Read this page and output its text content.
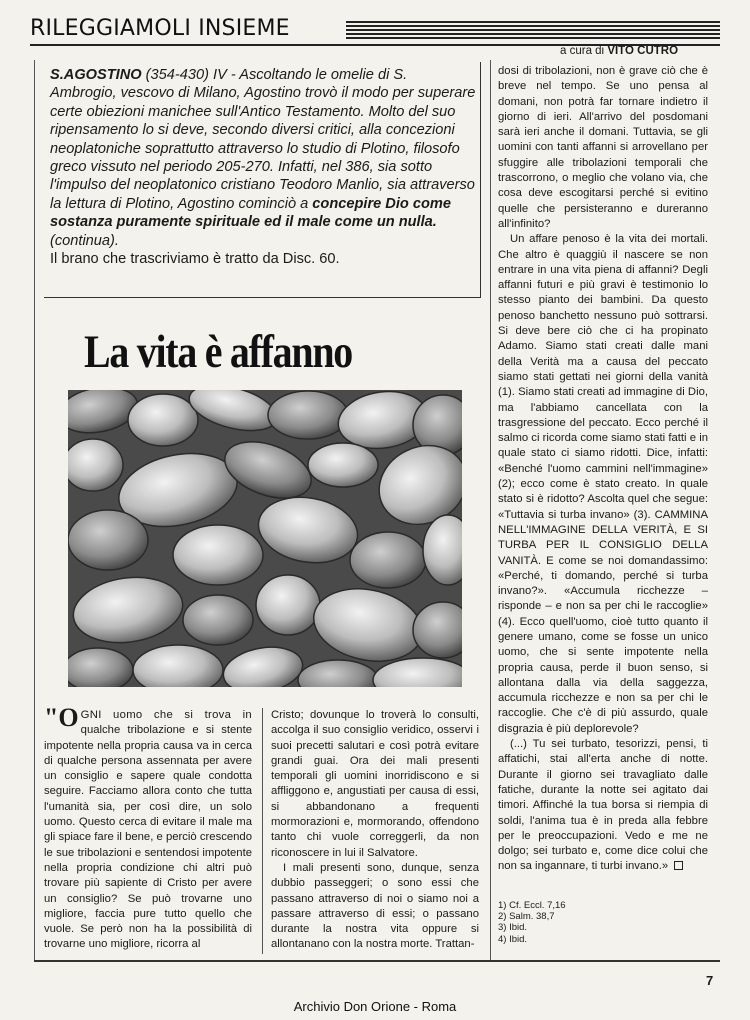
RILEGGIAMOLI INSIEME
a cura di VITO CUTRO
S.AGOSTINO (354-430) IV - Ascoltando le omelie di S. Ambrogio, vescovo di Milano, Agostino trovò il modo per superare certe obiezioni manichee sull'Antico Testamento. Molto del suo ripensamento lo si deve, secondo diversi critici, alla concezioni neoplatoniche soprattutto attraverso lo studio di Plotino, filosofo greco vissuto nel periodo 205-270. Infatti, nel 386, sia sotto l'impulso del neoplatonico cristiano Teodoro Manlio, sia attraverso la lettura di Plotino, Agostino cominciò a concepire Dio come sostanza puramente spirituale ed il male come un nulla. (continua).
Il brano che trascriviamo è tratto da Disc. 60.
La vita è affanno

"OGNI uomo che si trova in qualche tribolazione e si stente impotente nella propria causa va in cerca di qualche persona assennata per avere un consiglio e sapere quale condotta seguire. Facciamo allora conto che tutta l'umanità sia, per così dire, un solo uomo. Questo cerca di evitare il male ma gli spiace fare il bene, e perciò crescendo le sue tribolazioni e sentendosi impotente nella propria condizione chi altri può trovare più sapiente di Cristo per avere un consiglio? Se può trovarne uno migliore, faccia pure tutto quello che vuole. Se però non ha la possibilità di trovarne uno migliore, ricorra al

Cristo; dovunque lo troverà lo consulti, accolga il suo consiglio veridico, osservi i suoi precetti salutari e così potrà evitare grandi guai. Ora dei mali presenti temporali gli uomini inorridiscono e si affliggono e, angustiati per causa di essi, si abbandonano a frequenti mormorazioni e, mormorando, offendono tanto chi vuole correggerli, da non riconoscere in lui il Salvatore.

I mali presenti sono, dunque, senza dubbio passeggeri; o sono essi che passano attraverso di noi o siamo noi a passare attraverso di essi; o passano durante la nostra vita oppure si allontanano con la nostra morte. Trattan-

dosi di tribolazioni, non è grave ciò che è breve nel tempo. Se uno pensa al domani, non potrà far tornare indietro il giorno di ieri. All'arrivo del posdomani sarà ieri anche il domani. Tuttavia, se gli uomini con tanti affanni si arrovellano per sfuggire alle tribolazioni temporali che trascorrono, o meglio che volano via, che cosa deve escogitarsi perché si evitino quelle che persisteranno e dureranno all'infinito?

Un affare penoso è la vita dei mortali. Che altro è quaggiù il nascere se non entrare in una vita piena di affanni? Degli affanni futuri e più gravi è testimonio lo stesso pianto dei bambini. Da questo penoso banchetto nessuno può sottrarsi. Si deve bere ciò che ci ha propinato Adamo. Siamo stati creati dalle mani della Verità ma a causa del peccato siamo stati gettati nei giorni della vanità (1). Siamo stati creati ad immagine di Dio, ma l'abbiamo cancellata con la trasgressione del peccato. Ecco perché il salmo ci ricorda come siamo stati fatti e in quale stato ci siamo ridotti. Dice, infatti: «Benché l'uomo cammini nell'immagine» (2); ecco come è stato creato. In quale stato si è ridotto? Ascolta quel che segue: «Tuttavia si turba invano» (3). CAMMINA NELL'IMMAGINE DELLA VERITÀ, E SI TURBA PER IL CONSIGLIO DELLA VANITÀ. E come se noi domandassimo: «Perché, ti domando, perché si turba invano?». «Accumula ricchezze – risponde – e non sa per chi le raccoglie» (4). Ecco quell'uomo, cioè tutto quanto il genere umano, come se fosse un unico uomo, che si sente impotente nella propria causa, perde il buon senso, si allontana dalla via della saggezza, accumula ricchezze e non sa per chi le raccoglie. Che c'è di più assurdo, quale disgrazia è più deplorevole?

(...) Tu sei turbato, tesorizzi, pensi, ti affatichi, stai all'erta anche di notte. Durante il giorno sei travagliato dalle fatiche, durante la notte sei agitato dai timori. Affinché la tua borsa si riempia di soldi, l'anima tua è in preda alla febbre per le preoccupazioni. Vedo e me ne dolgo; sei turbato e, come dice colui che non sa ingannare, ti turbi invano.»

1) Cf. Eccl. 7,16
2) Salm. 38,7
3) Ibid.
4) Ibid.
7
Archivio Don Orione - Roma
